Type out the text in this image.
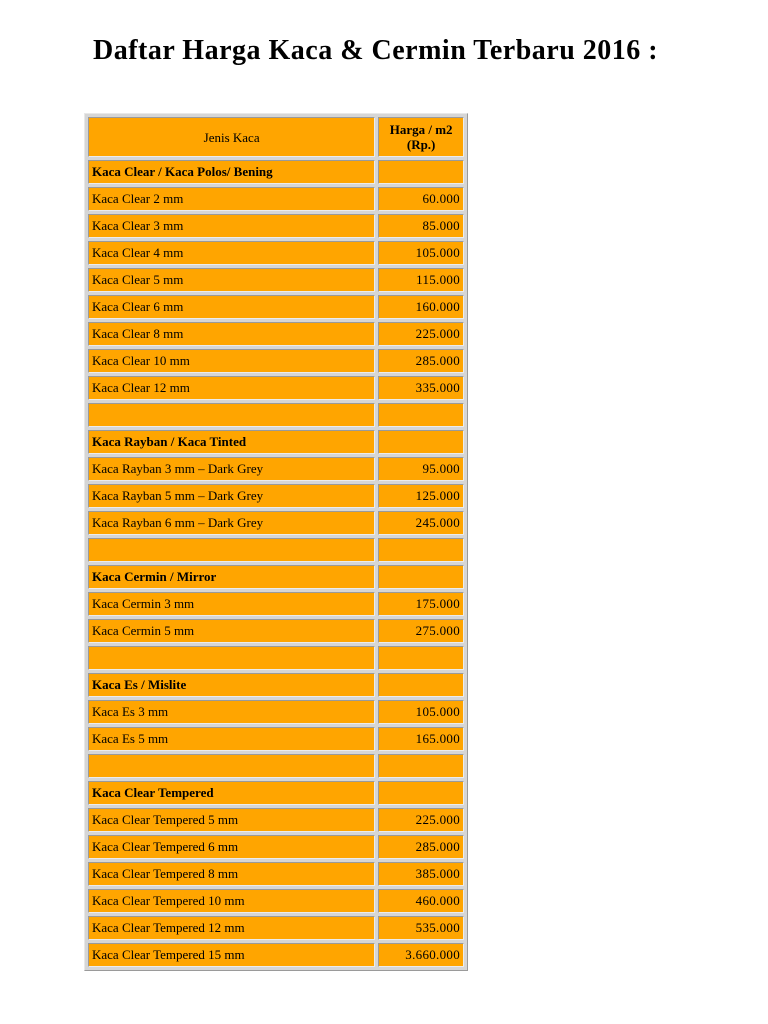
Daftar Harga Kaca & Cermin Terbaru 2016 :
Jenis Kaca	Harga / m2
(Rp.)
Kaca Clear / Kaca Polos/ Bening	
Kaca Clear 2 mm	60.000
Kaca Clear 3 mm	85.000
Kaca Clear 4 mm	105.000
Kaca Clear 5 mm	115.000
Kaca Clear 6 mm	160.000
Kaca Clear 8 mm	225.000
Kaca Clear 10 mm	285.000
Kaca Clear 12 mm	335.000

Kaca Rayban / Kaca Tinted	
Kaca Rayban 3 mm – Dark Grey	95.000
Kaca Rayban 5 mm – Dark Grey	125.000
Kaca Rayban 6 mm – Dark Grey	245.000

Kaca Cermin / Mirror	
Kaca Cermin 3 mm	175.000
Kaca Cermin 5 mm	275.000

Kaca Es / Mislite	
Kaca Es 3 mm	105.000
Kaca Es 5 mm	165.000

Kaca Clear Tempered	
Kaca Clear Tempered 5 mm	225.000
Kaca Clear Tempered 6 mm	285.000
Kaca Clear Tempered 8 mm	385.000
Kaca Clear Tempered 10 mm	460.000
Kaca Clear Tempered 12 mm	535.000
Kaca Clear Tempered 15 mm	3.660.000
